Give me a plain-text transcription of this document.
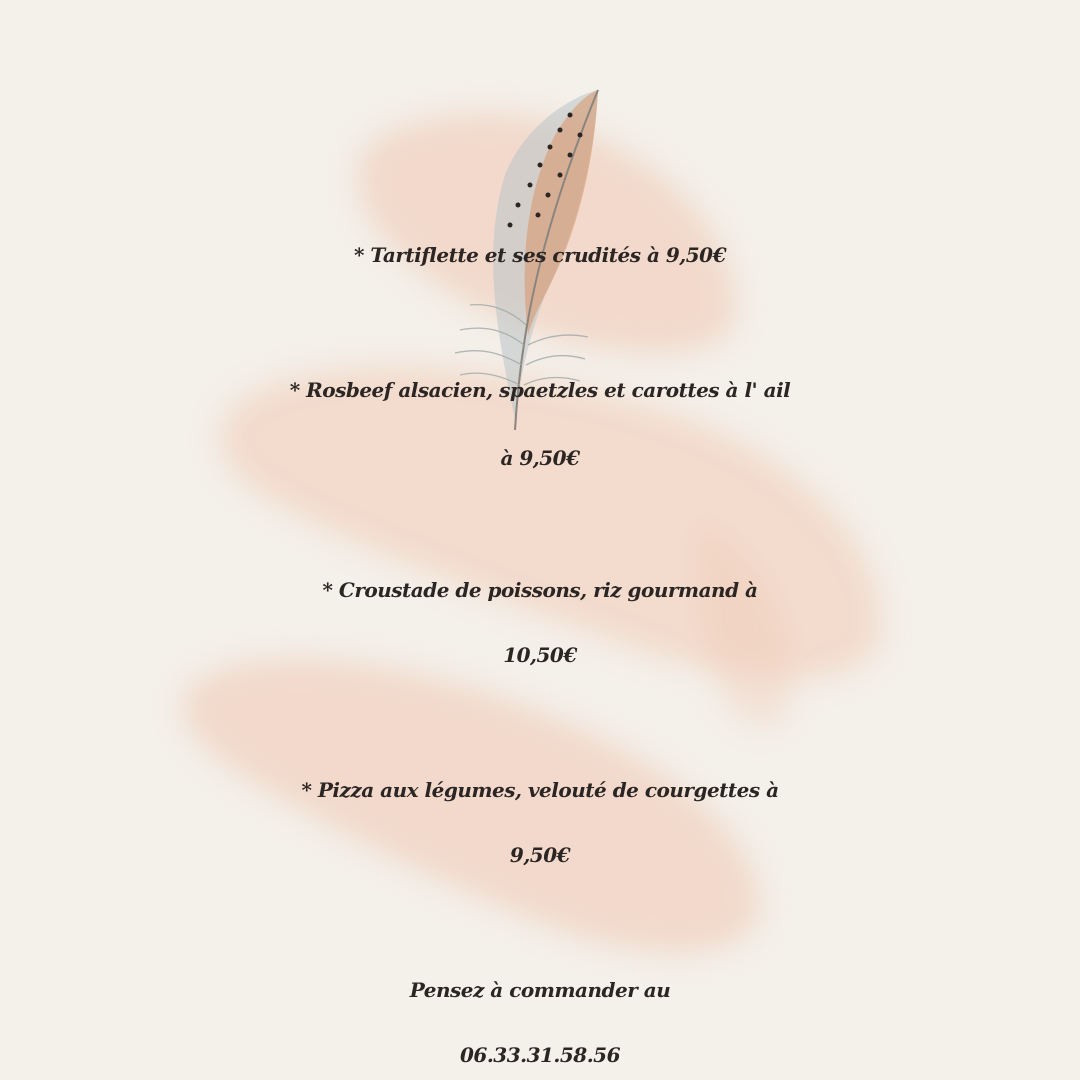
* Tartiflette et ses crudités à 9,50€
* Rosbeef alsacien, spaetzles et carottes à l' ail
à 9,50€
* Croustade de poissons, riz gourmand à
10,50€
* Pizza aux légumes, velouté de courgettes à
9,50€
Pensez à commander au
06.33.31.58.56
